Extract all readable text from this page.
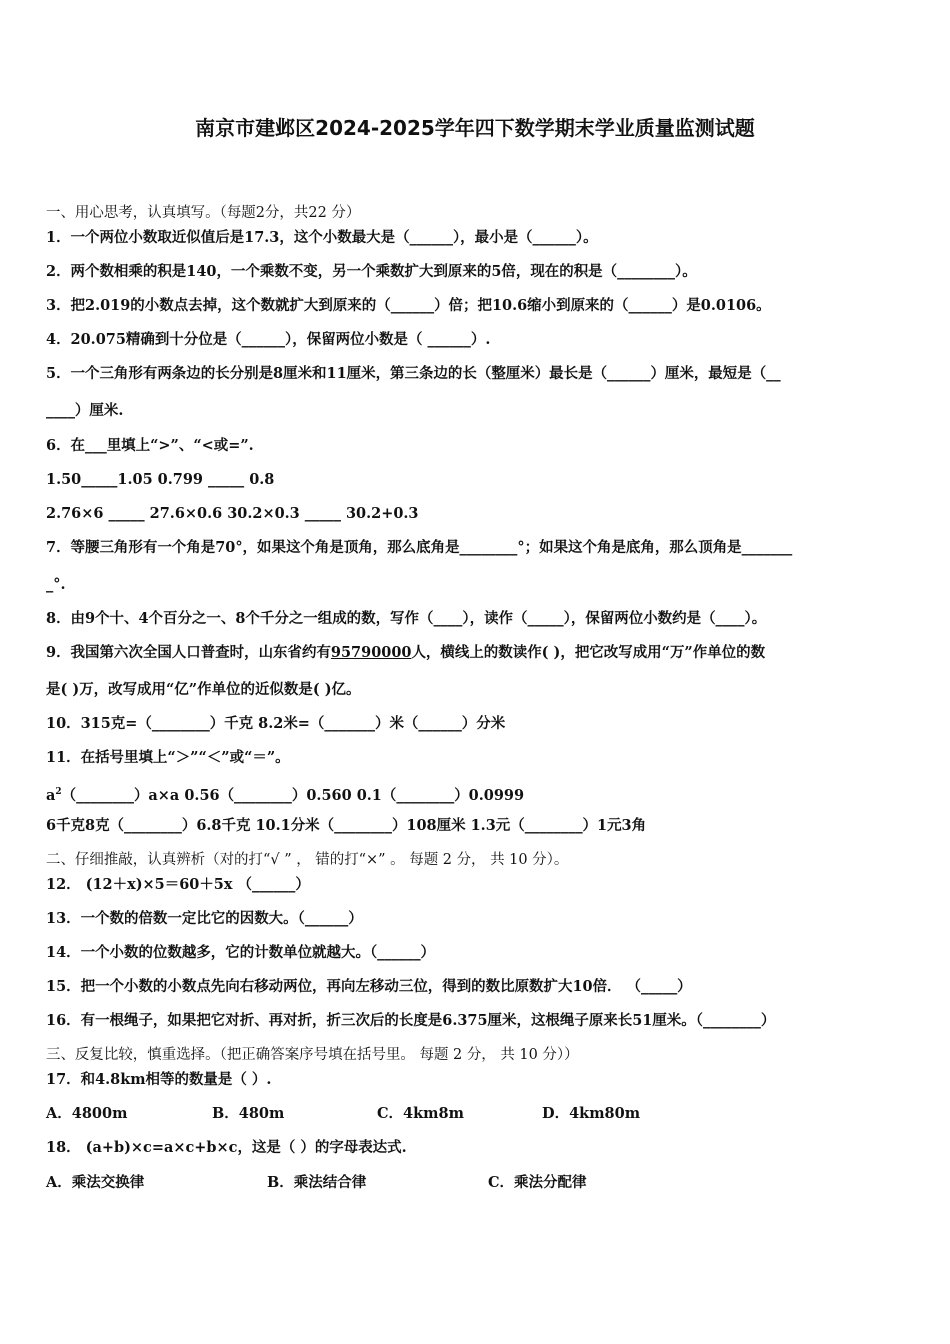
南京市建邺区2024-2025学年四下数学期末学业质量监测试题
一、用心思考，认真填写。（每题2分，共22 分）
1．一个两位小数取近似值后是17.3，这个小数最大是（______），最小是（______）。
2．两个数相乘的积是140，一个乘数不变，另一个乘数扩大到原来的5倍，现在的积是（________）。
3．把2.019的小数点去掉，这个数就扩大到原来的（______）倍；把10.6缩小到原来的（______）是0.0106。
4．20.075精确到十分位是（______），保留两位小数是（ ______）.
5．一个三角形有两条边的长分别是8厘米和11厘米，第三条边的长（整厘米）最长是（______）厘米，最短是（__
____）厘米.
6．在___里填上“>”、“<或=”.
1.50_____1.05 0.799 _____ 0.8
2.76×6 _____ 27.6×0.6 30.2×0.3 _____ 30.2+0.3
7．等腰三角形有一个角是70°，如果这个角是顶角，那么底角是________°；如果这个角是底角，那么顶角是_______
_°.
8．由9个十、4个百分之一、8个千分之一组成的数，写作（____），读作（_____），保留两位小数约是（____）。
9．我国第六次全国人口普查时，山东省约有95790000人，横线上的数读作( )，把它改写成用“万”作单位的数
是( )万，改写成用“亿”作单位的近似数是( )亿。
10．315克=（________）千克 8.2米=（_______）米（______）分米
11．在括号里填上“＞”“＜”或“＝”。
$a^2(\_\_\_\_\_\_\_\_)a\times a$ 0.56（________）0.560 0.1（________）0.0999
6千克8克（________）6.8千克 10.1分米（________）108厘米 1.3元（________）1元3角
二、仔细推敲，认真辨析（对的打“√ ” ， 错的打“×” 。 每题 2 分， 共 10 分）。
12． (12＋x)×5＝60＋5x （______）
13．一个数的倍数一定比它的因数大。（______）
14．一个小数的位数越多，它的计数单位就越大。（______）
15．把一个小数的小数点先向右移动两位，再向左移动三位，得到的数比原数扩大10倍． （_____）
16．有一根绳子，如果把它对折、再对折，折三次后的长度是6.375厘米，这根绳子原来长51厘米。（________）
三、反复比较，慎重选择。（把正确答案序号填在括号里。 每题 2 分， 共 10 分））
17．和4.8km相等的数量是（ ）.
A．4800m	B．480m	C．4km8m	D．4km80m
18． (a+b)×c=a×c+b×c，这是（ ）的字母表达式.
A．乘法交换律	B．乘法结合律	C．乘法分配律
